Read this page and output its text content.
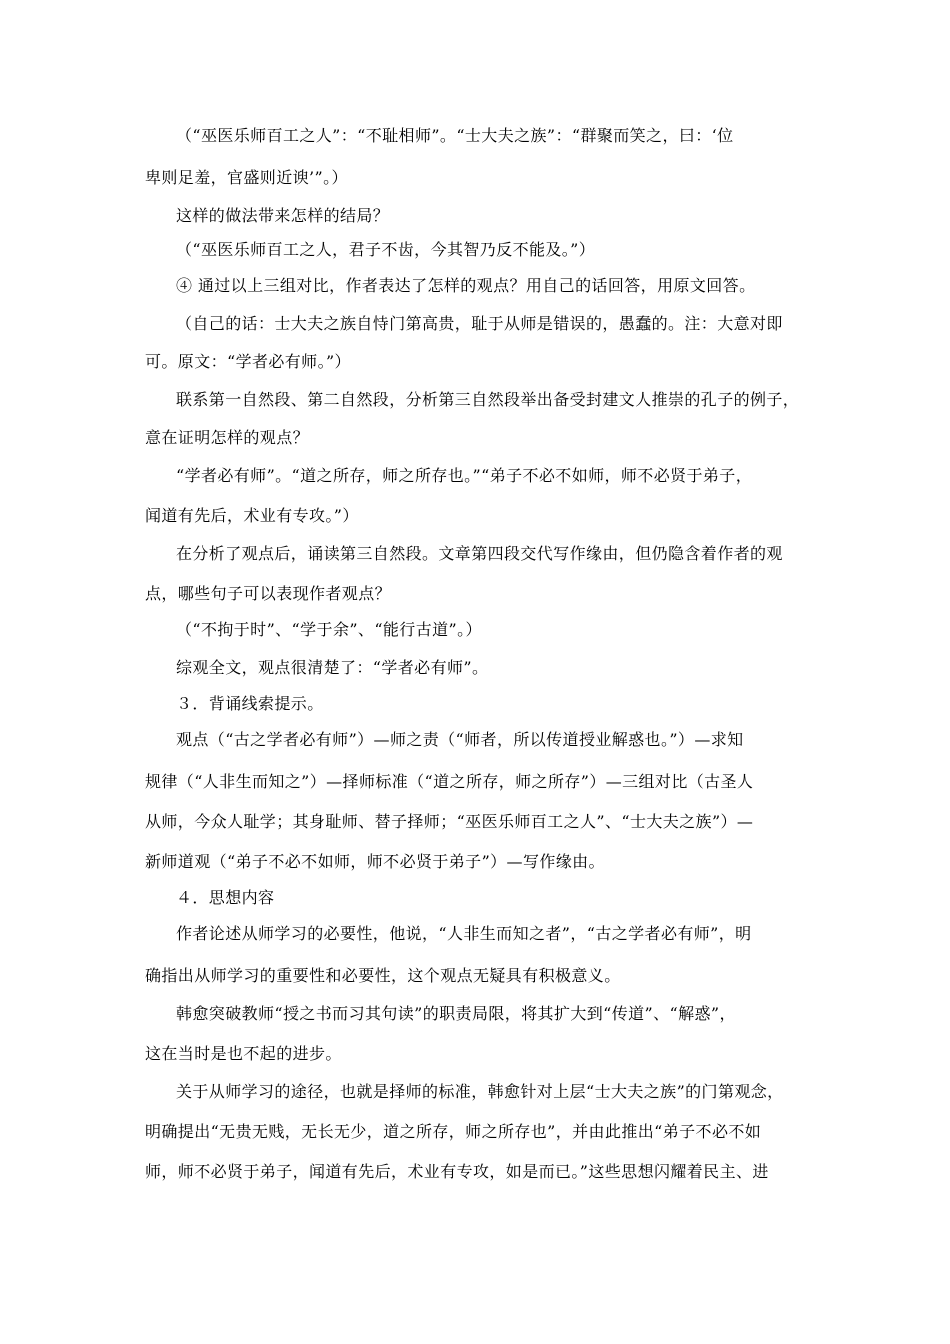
（“巫医乐师百工之人”：“不耻相师”。“士大夫之族”：“群聚而笑之，曰：‘位
卑则足羞，官盛则近谀’”。）
这样的做法带来怎样的结局？
（“巫医乐师百工之人，君子不齿，今其智乃反不能及。”）
④ 通过以上三组对比，作者表达了怎样的观点？用自己的话回答，用原文回答。
（自己的话：士大夫之族自恃门第高贵，耻于从师是错误的，愚蠢的。注：大意对即
可。原文：“学者必有师。”）
联系第一自然段、第二自然段，分析第三自然段举出备受封建文人推崇的孔子的例子，
意在证明怎样的观点？
“学者必有师”。“道之所存，师之所存也。”“弟子不必不如师，师不必贤于弟子，
闻道有先后，术业有专攻。”）
在分析了观点后，诵读第三自然段。文章第四段交代写作缘由，但仍隐含着作者的观
点，哪些句子可以表现作者观点？
（“不拘于时”、“学于余”、“能行古道”。）
综观全文，观点很清楚了：“学者必有师”。
３．背诵线索提示。
观点（“古之学者必有师”）—师之责（“师者，所以传道授业解惑也。”）—求知
规律（“人非生而知之”）—择师标准（“道之所存，师之所存”）—三组对比（古圣人
从师，今众人耻学；其身耻师、替子择师；“巫医乐师百工之人”、“士大夫之族”）—
新师道观（“弟子不必不如师，师不必贤于弟子”）—写作缘由。
４．思想内容
作者论述从师学习的必要性，他说，“人非生而知之者”，“古之学者必有师”，明
确指出从师学习的重要性和必要性，这个观点无疑具有积极意义。
韩愈突破教师“授之书而习其句读”的职责局限，将其扩大到“传道”、“解惑”，
这在当时是也不起的进步。
关于从师学习的途径，也就是择师的标准，韩愈针对上层“士大夫之族”的门第观念，
明确提出“无贵无贱，无长无少，道之所存，师之所存也”，并由此推出“弟子不必不如
师，师不必贤于弟子，闻道有先后，术业有专攻，如是而已。”这些思想闪耀着民主、进
